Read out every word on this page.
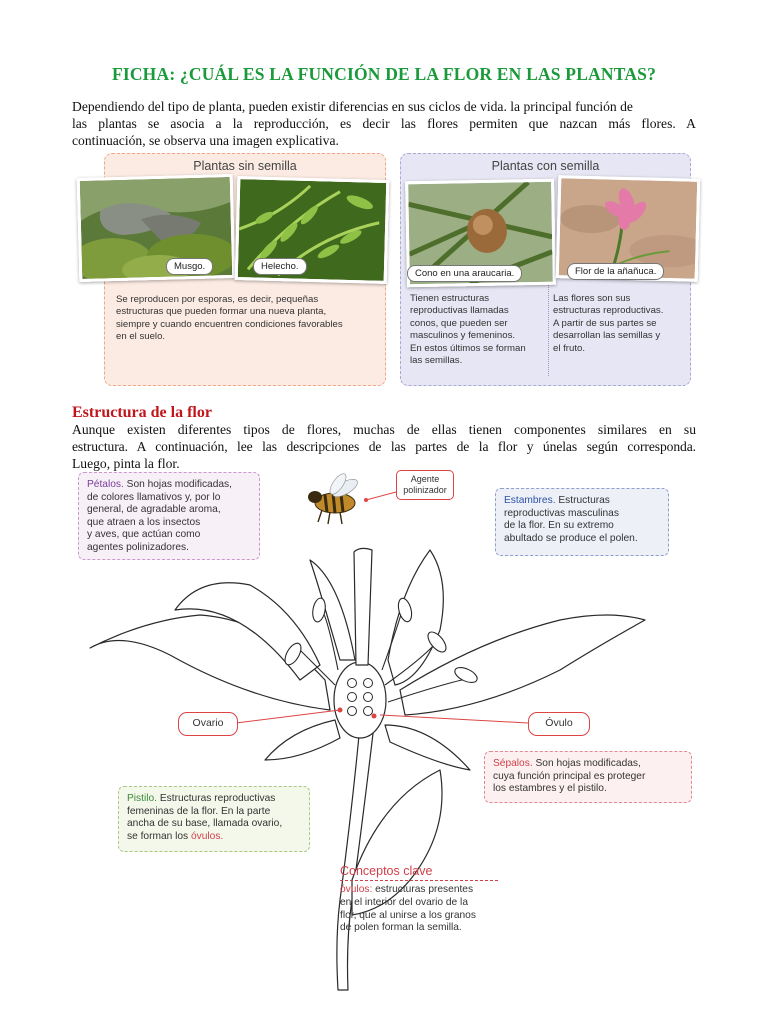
FICHA: ¿CUÁL ES LA FUNCIÓN DE LA FLOR EN LAS PLANTAS?
Dependiendo del tipo de planta, pueden existir diferencias en sus ciclos de vida. la principal función de
las plantas se asocia a la reproducción, es decir las flores permiten que nazcan más flores. A
continuación, se observa una imagen explicativa.
Plantas sin semilla
Musgo.	Helecho.
Se reproducen por esporas, es decir, pequeñas
estructuras que pueden formar una nueva planta,
siempre y cuando encuentren condiciones favorables
en el suelo.
Plantas con semilla
Cono en una araucaria.	Flor de la añañuca.
Tienen estructuras
reproductivas llamadas
conos, que pueden ser
masculinos y femeninos.
En estos últimos se forman
las semillas.
Las flores son sus
estructuras reproductivas.
A partir de sus partes se
desarrollan las semillas y
el fruto.
Estructura de la flor
Aunque existen diferentes tipos de flores, muchas de ellas tienen componentes similares en su
estructura. A continuación, lee las descripciones de las partes de la flor y únelas según corresponda.
Luego, pinta la flor.
Pétalos. Son hojas modificadas,
de colores llamativos y, por lo
general, de agradable aroma,
que atraen a los insectos
y aves, que actúan como
agentes polinizadores.
Agente
polinizador
Estambres. Estructuras
reproductivas masculinas
de la flor. En su extremo
abultado se produce el polen.
Ovario	Óvulo
Sépalos. Son hojas modificadas,
cuya función principal es proteger
los estambres y el pistilo.
Pistilo. Estructuras reproductivas
femeninas de la flor. En la parte
ancha de su base, llamada ovario,
se forman los óvulos.
Conceptos clave
óvulos: estructuras presentes
en el interior del ovario de la
flor, que al unirse a los granos
de polen forman la semilla.
